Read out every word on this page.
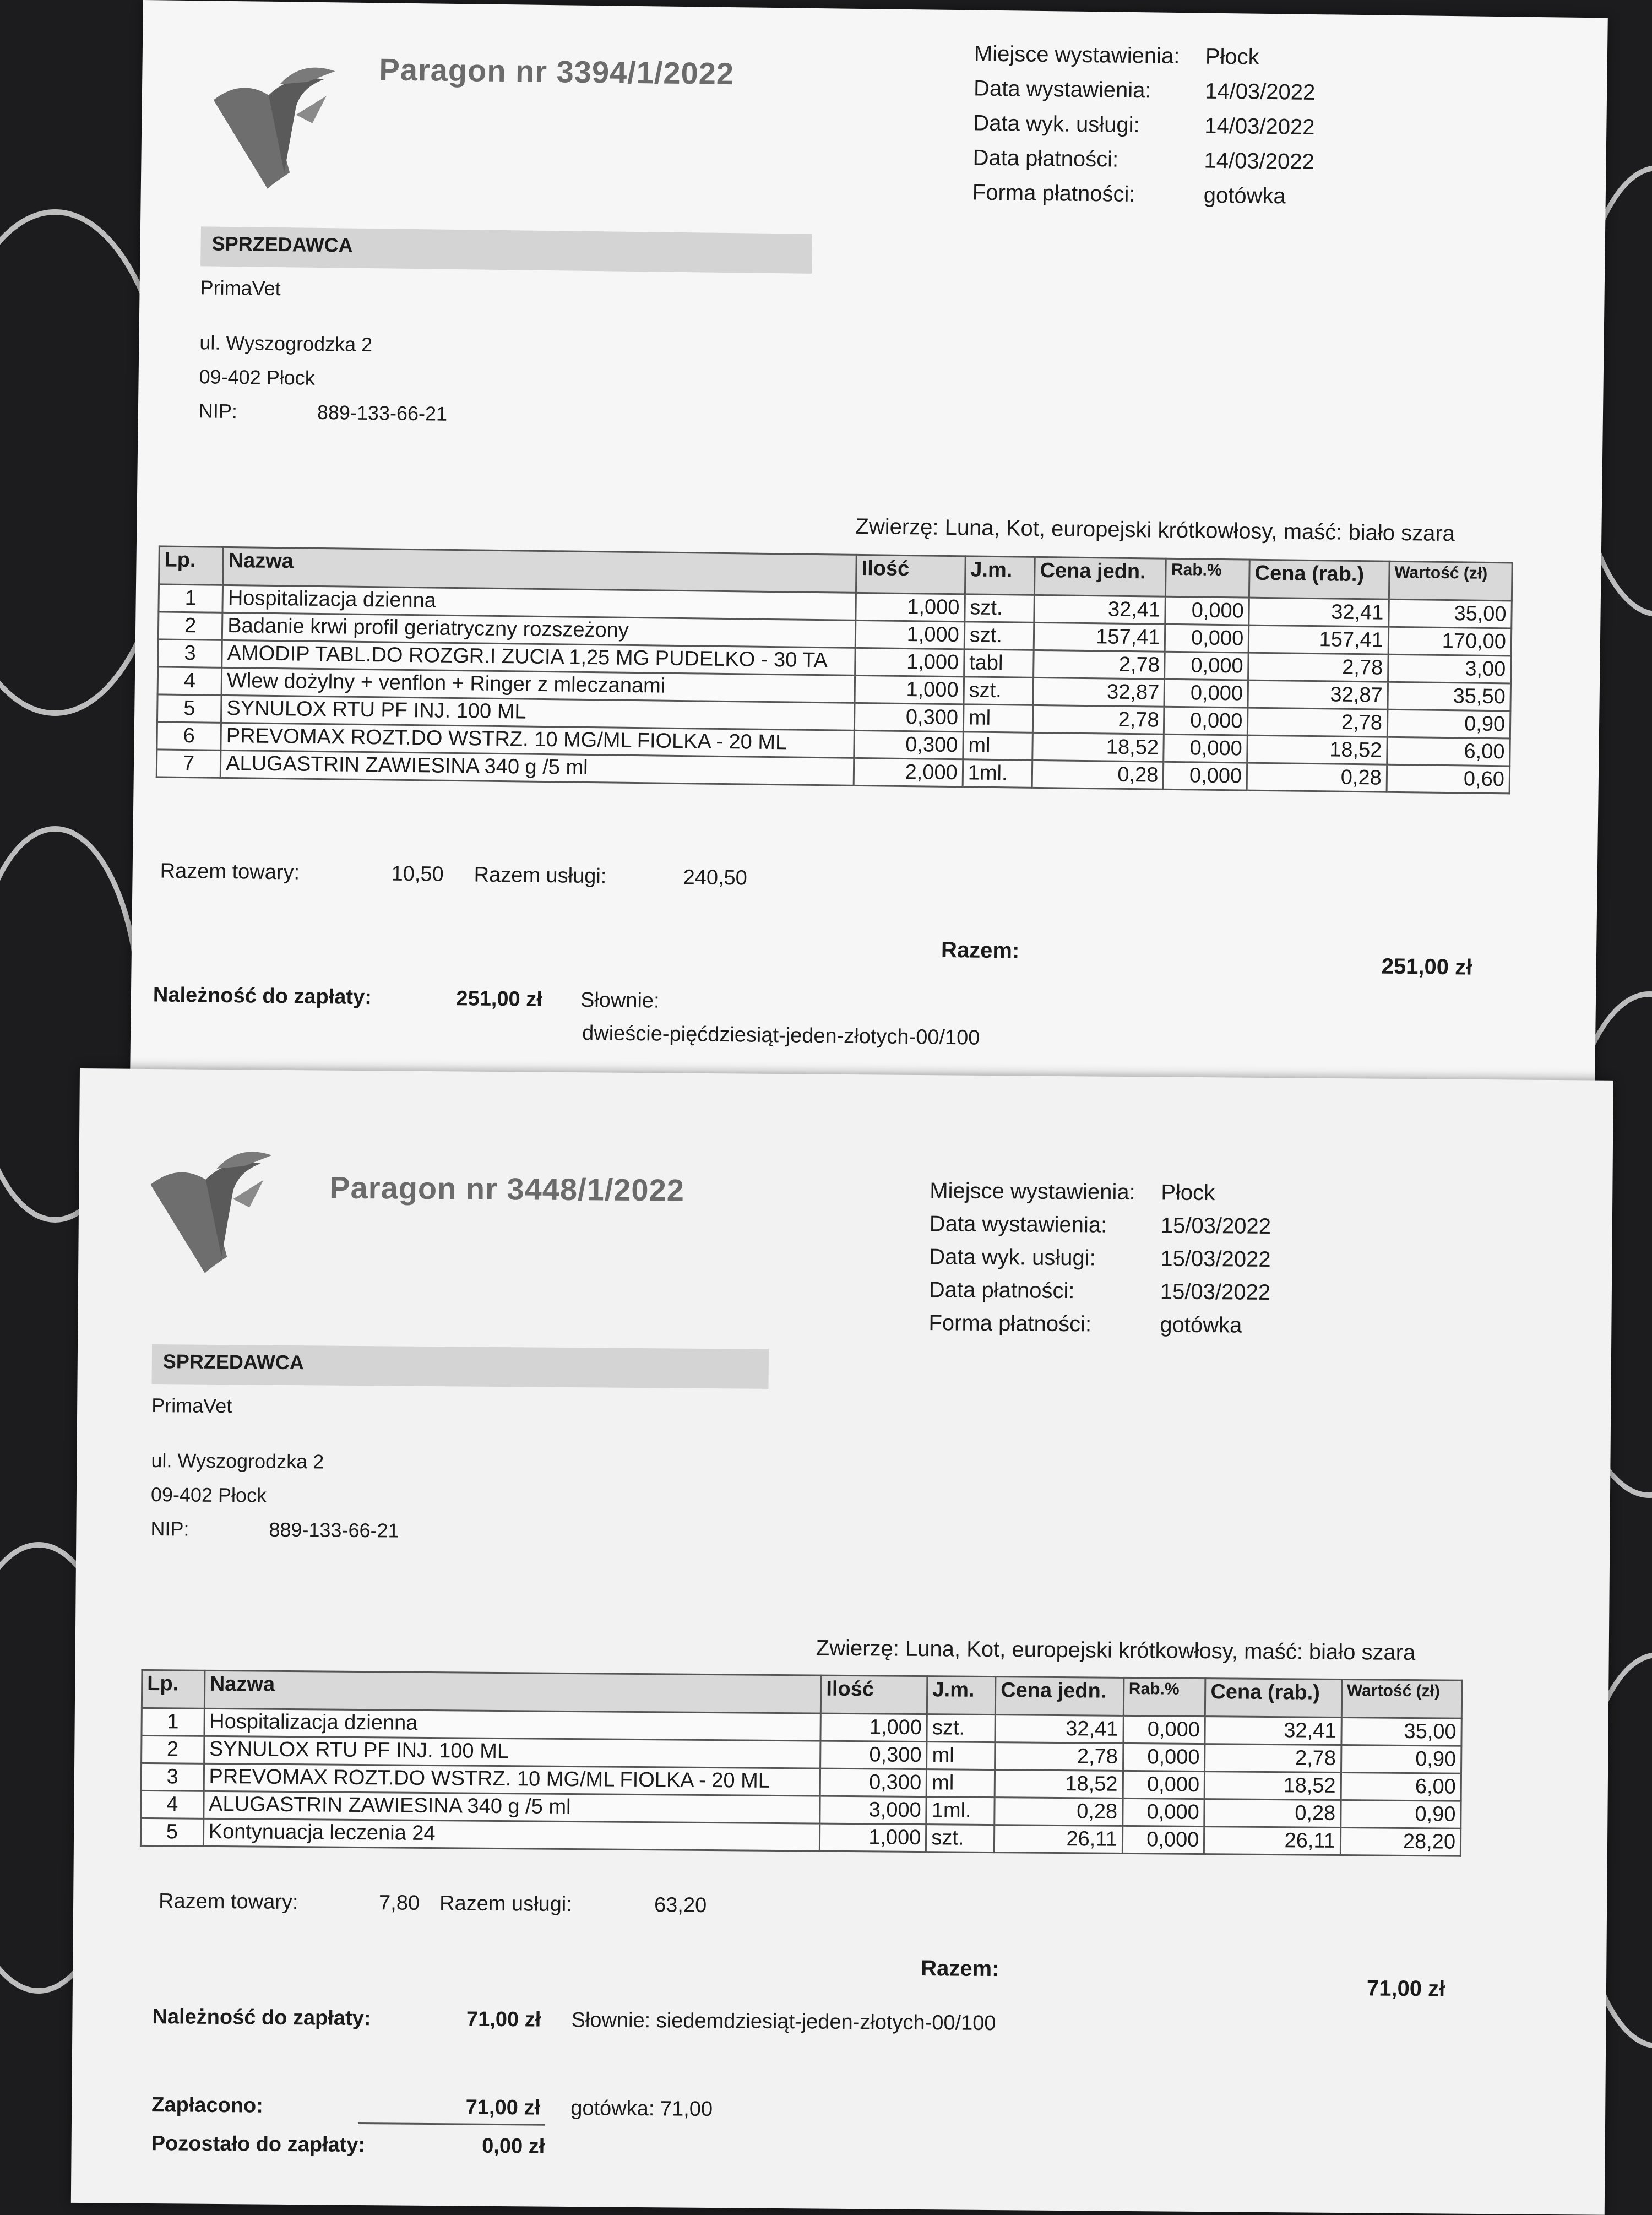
Paragon nr 3394/1/2022	Miejsce wystawienia:	Płock
Data wystawienia:	14/03/2022
Data wyk. usługi:	14/03/2022
Data płatności:	14/03/2022
Forma płatności:	gotówka
SPRZEDAWCA
PrimaVet
ul. Wyszogrodzka 2
09-402 Płock
NIP:	889-133-66-21
Zwierzę: Luna, Kot, europejski krótkowłosy, maść: biało szara
Lp.	Nazwa	Ilość	J.m.	Cena jedn.	Rab.%	Cena (rab.)	Wartość (zł)
1	Hospitalizacja dzienna	1,000	szt.	32,41	0,000	32,41	35,00
2	Badanie krwi profil geriatryczny rozszeżony	1,000	szt.	157,41	0,000	157,41	170,00
3	AMODIP TABL.DO ROZGR.I ZUCIA 1,25 MG PUDELKO - 30 TA	1,000	tabl	2,78	0,000	2,78	3,00
4	Wlew dożylny + venflon + Ringer z mleczanami	1,000	szt.	32,87	0,000	32,87	35,50
5	SYNULOX RTU PF INJ. 100 ML	0,300	ml	2,78	0,000	2,78	0,90
6	PREVOMAX ROZT.DO WSTRZ. 10 MG/ML FIOLKA - 20 ML	0,300	ml	18,52	0,000	18,52	6,00
7	ALUGASTRIN ZAWIESINA 340 g /5 ml	2,000	1ml.	0,28	0,000	0,28	0,60
Razem towary:	10,50	Razem usługi:	240,50
Razem:
251,00 zł
Należność do zapłaty:	251,00 zł Słownie:
dwieście-pięćdziesiąt-jeden-złotych-00/100
Paragon nr 3448/1/2022	Miejsce wystawienia:	Płock
Data wystawienia:	15/03/2022
Data wyk. usługi:	15/03/2022
Data płatności:	15/03/2022
Forma płatności:	gotówka
SPRZEDAWCA
PrimaVet
ul. Wyszogrodzka 2
09-402 Płock
NIP:	889-133-66-21
Zwierzę: Luna, Kot, europejski krótkowłosy, maść: biało szara
Lp.	Nazwa	Ilość	J.m.	Cena jedn.	Rab.%	Cena (rab.)	Wartość (zł)
1	Hospitalizacja dzienna	1,000	szt.	32,41	0,000	32,41	35,00
2	SYNULOX RTU PF INJ. 100 ML	0,300	ml	2,78	0,000	2,78	0,90
3	PREVOMAX ROZT.DO WSTRZ. 10 MG/ML FIOLKA - 20 ML	0,300	ml	18,52	0,000	18,52	6,00
4	ALUGASTRIN ZAWIESINA 340 g /5 ml	3,000	1ml.	0,28	0,000	0,28	0,90
5	Kontynuacja leczenia 24	1,000	szt.	26,11	0,000	26,11	28,20
Razem towary:	7,80 Razem usługi:	63,20
Razem:
71,00 zł
Należność do zapłaty:	71,00 zł Słownie: siedemdziesiąt-jeden-złotych-00/100
Zapłacono:	71,00 zł gotówka: 71,00
Pozostało do zapłaty:	0,00 zł
